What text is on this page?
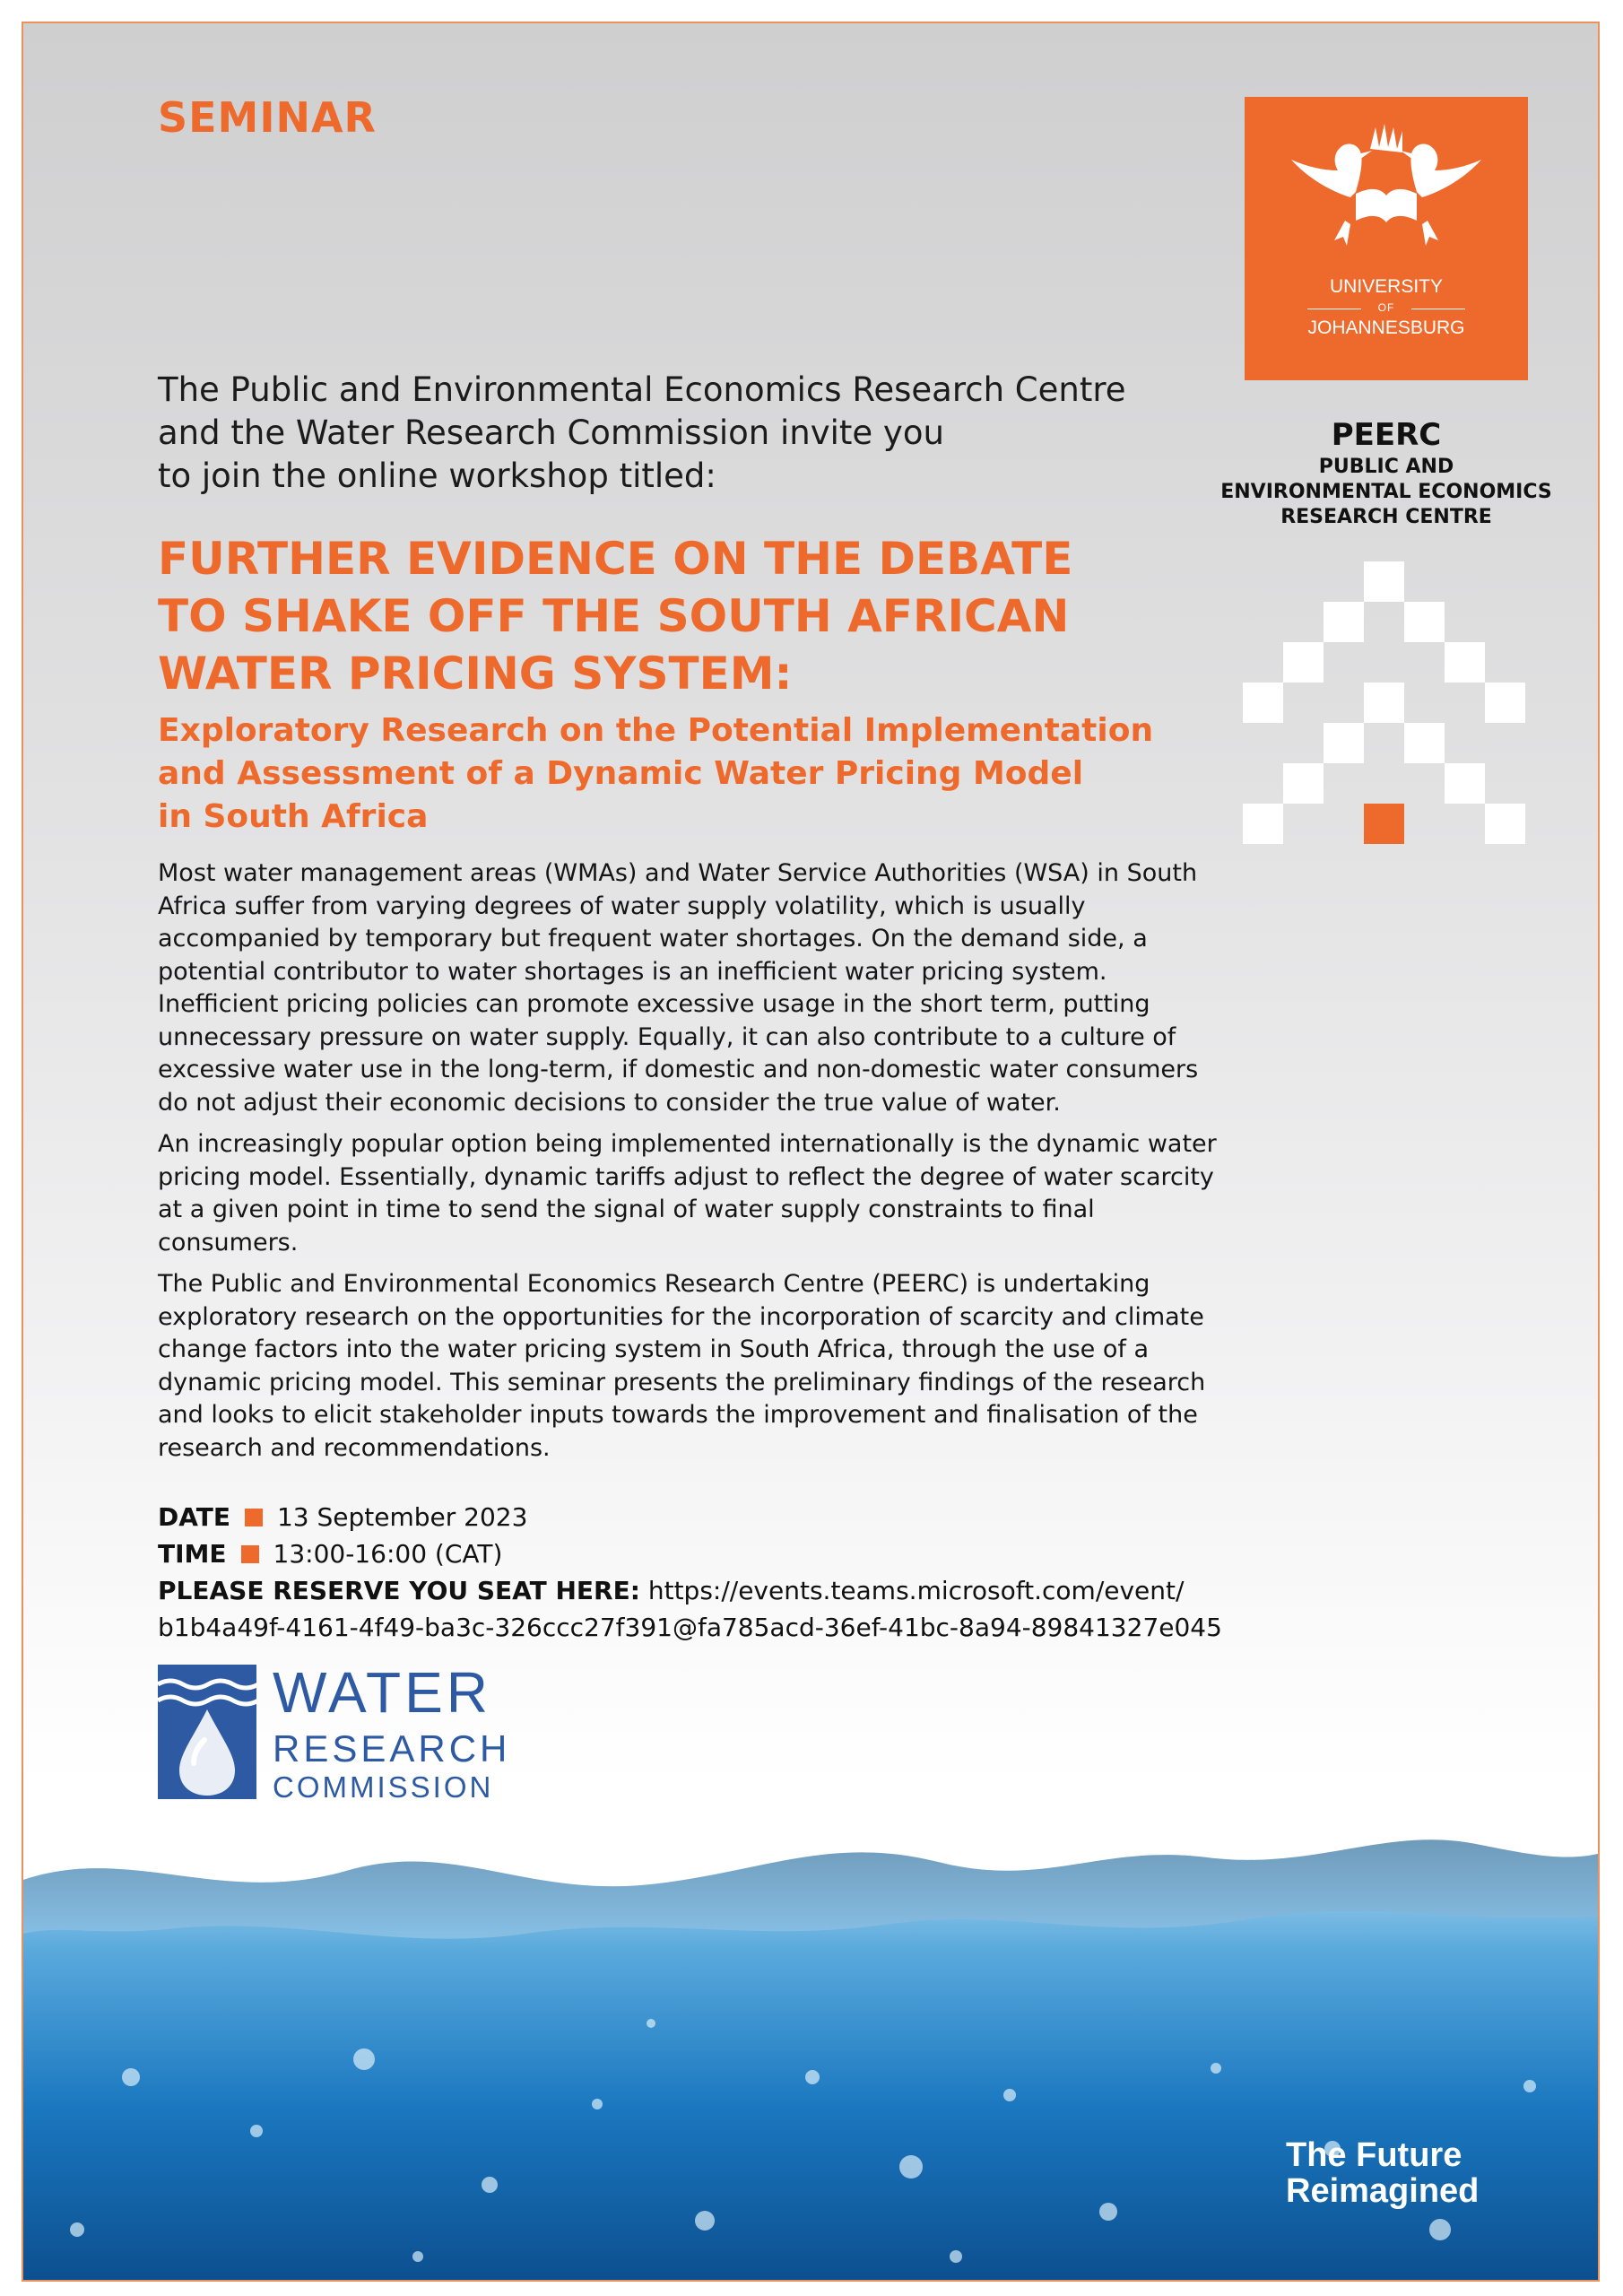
SEMINAR
The Public and Environmental Economics Research Centre
and the Water Research Commission invite you
to join the online workshop titled:
FURTHER EVIDENCE ON THE DEBATE
TO SHAKE OFF THE SOUTH AFRICAN
WATER PRICING SYSTEM:
Exploratory Research on the Potential Implementation
and Assessment of a Dynamic Water Pricing Model
in South Africa

Most water management areas (WMAs) and Water Service Authorities (WSA) in South Africa suffer from varying degrees of water supply volatility, which is usually accompanied by temporary but frequent water shortages. On the demand side, a potential contributor to water shortages is an inefficient water pricing system. Inefficient pricing policies can promote excessive usage in the short term, putting unnecessary pressure on water supply. Equally, it can also contribute to a culture of excessive water use in the long-term, if domestic and non-domestic water consumers do not adjust their economic decisions to consider the true value of water.

An increasingly popular option being implemented internationally is the dynamic water pricing model. Essentially, dynamic tariffs adjust to reflect the degree of water scarcity at a given point in time to send the signal of water supply constraints to final consumers.

The Public and Environmental Economics Research Centre (PEERC) is undertaking exploratory research on the opportunities for the incorporation of scarcity and climate change factors into the water pricing system in South Africa, through the use of a dynamic pricing model. This seminar presents the preliminary findings of the research and looks to elicit stakeholder inputs towards the improvement and finalisation of the research and recommendations.

DATE 13 September 2023
TIME 13:00-16:00 (CAT)
PLEASE RESERVE YOU SEAT HERE: https://events.teams.microsoft.com/event/
b1b4a49f-4161-4f49-ba3c-326ccc27f391@fa785acd-36ef-41bc-8a94-89841327e045
UNIVERSITY
OF
JOHANNESBURG
PEERC
PUBLIC AND
ENVIRONMENTAL ECONOMICS
RESEARCH CENTRE
WATER
RESEARCH
COMMISSION
The Future
Reimagined
